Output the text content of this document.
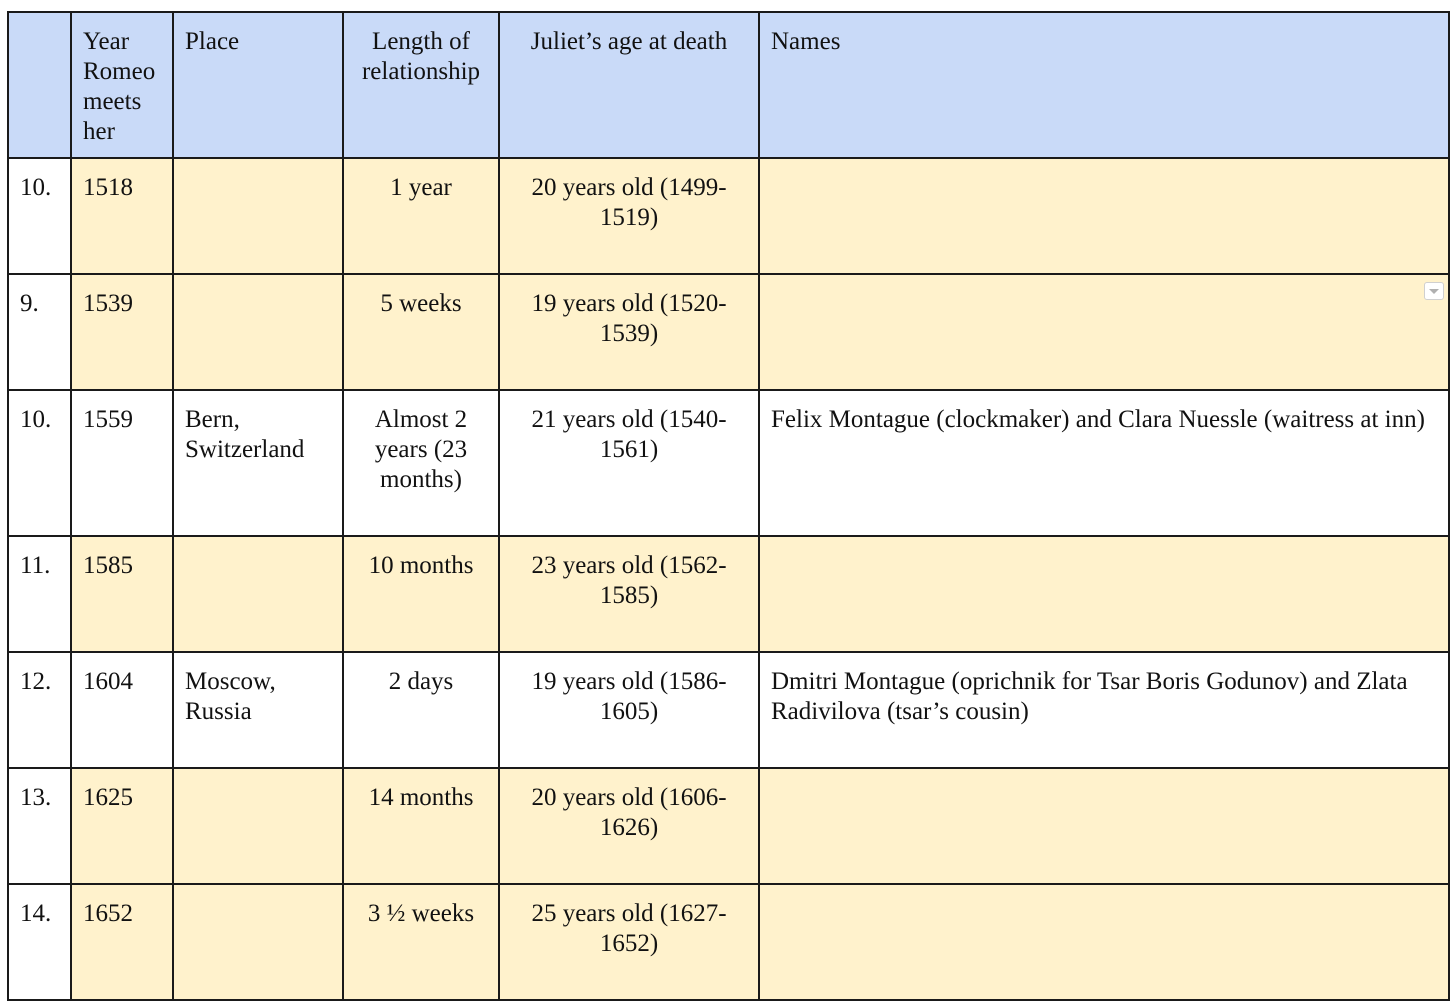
	Year Romeo meets her	Place	Length of relationship	Juliet’s age at death	Names
10.	1518		1 year	20 years old (1499-1519)	
9.	1539		5 weeks	19 years old (1520-1539)	

10.	1559	Bern, Switzerland	Almost 2 years (23 months)	21 years old (1540-1561)	Felix Montague (clockmaker) and Clara Nuessle (waitress at inn)
11.	1585		10 months	23 years old (1562-1585)	
12.	1604	Moscow, Russia	2 days	19 years old (1586-1605)	Dmitri Montague (oprichnik for Tsar Boris Godunov) and Zlata Radivilova (tsar’s cousin)
13.	1625		14 months	20 years old (1606-1626)	
14.	1652		3 ½ weeks	25 years old (1627-1652)	
